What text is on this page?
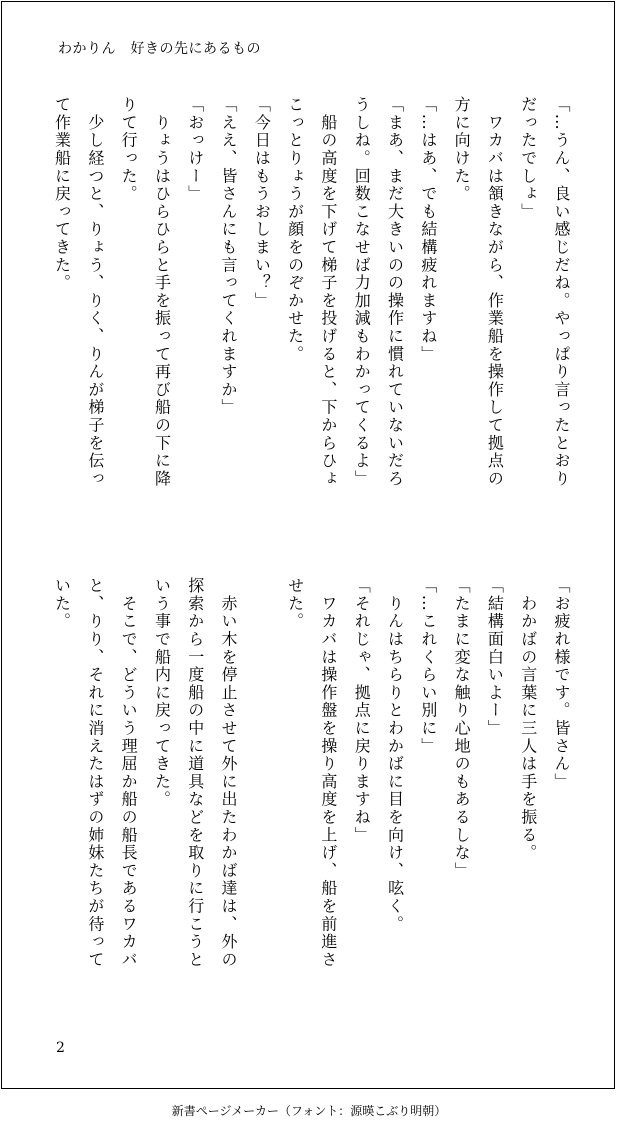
わかりん　好きの先にあるもの
「…うん、良い感じだね。やっぱり言ったとおり
だったでしょ」
　ワカバは頷きながら、作業船を操作して拠点の
方に向けた。
「…はあ、でも結構疲れますね」
「まあ、まだ大きいのの操作に慣れていないだろ
うしね。回数こなせば力加減もわかってくるよ」
　船の高度を下げて梯子を投げると、下からひょ
こっとりょうが顔をのぞかせた。
「今日はもうおしまい？」
「ええ、皆さんにも言ってくれますか」
「おっけー」
　りょうはひらひらと手を振って再び船の下に降
りて行った。
　少し経つと、りょう、りく、りんが梯子を伝っ
て作業船に戻ってきた。
「お疲れ様です。皆さん」
　わかばの言葉に三人は手を振る。
「結構面白いよー」
「たまに変な触り心地のもあるしな」
「…これくらい別に」
　りんはちらりとわかばに目を向け、呟く。
「それじゃ、拠点に戻りますね」
　ワカバは操作盤を操り高度を上げ、船を前進さ
せた。
　赤い木を停止させて外に出たわかば達は、外の
探索から一度船の中に道具などを取りに行こうと
いう事で船内に戻ってきた。
　そこで、どういう理屈か船の船長であるワカバ
と、りり、それに消えたはずの姉妹たちが待って
いた。
2
新書ページメーカー（フォント：源暎こぶり明朝）
